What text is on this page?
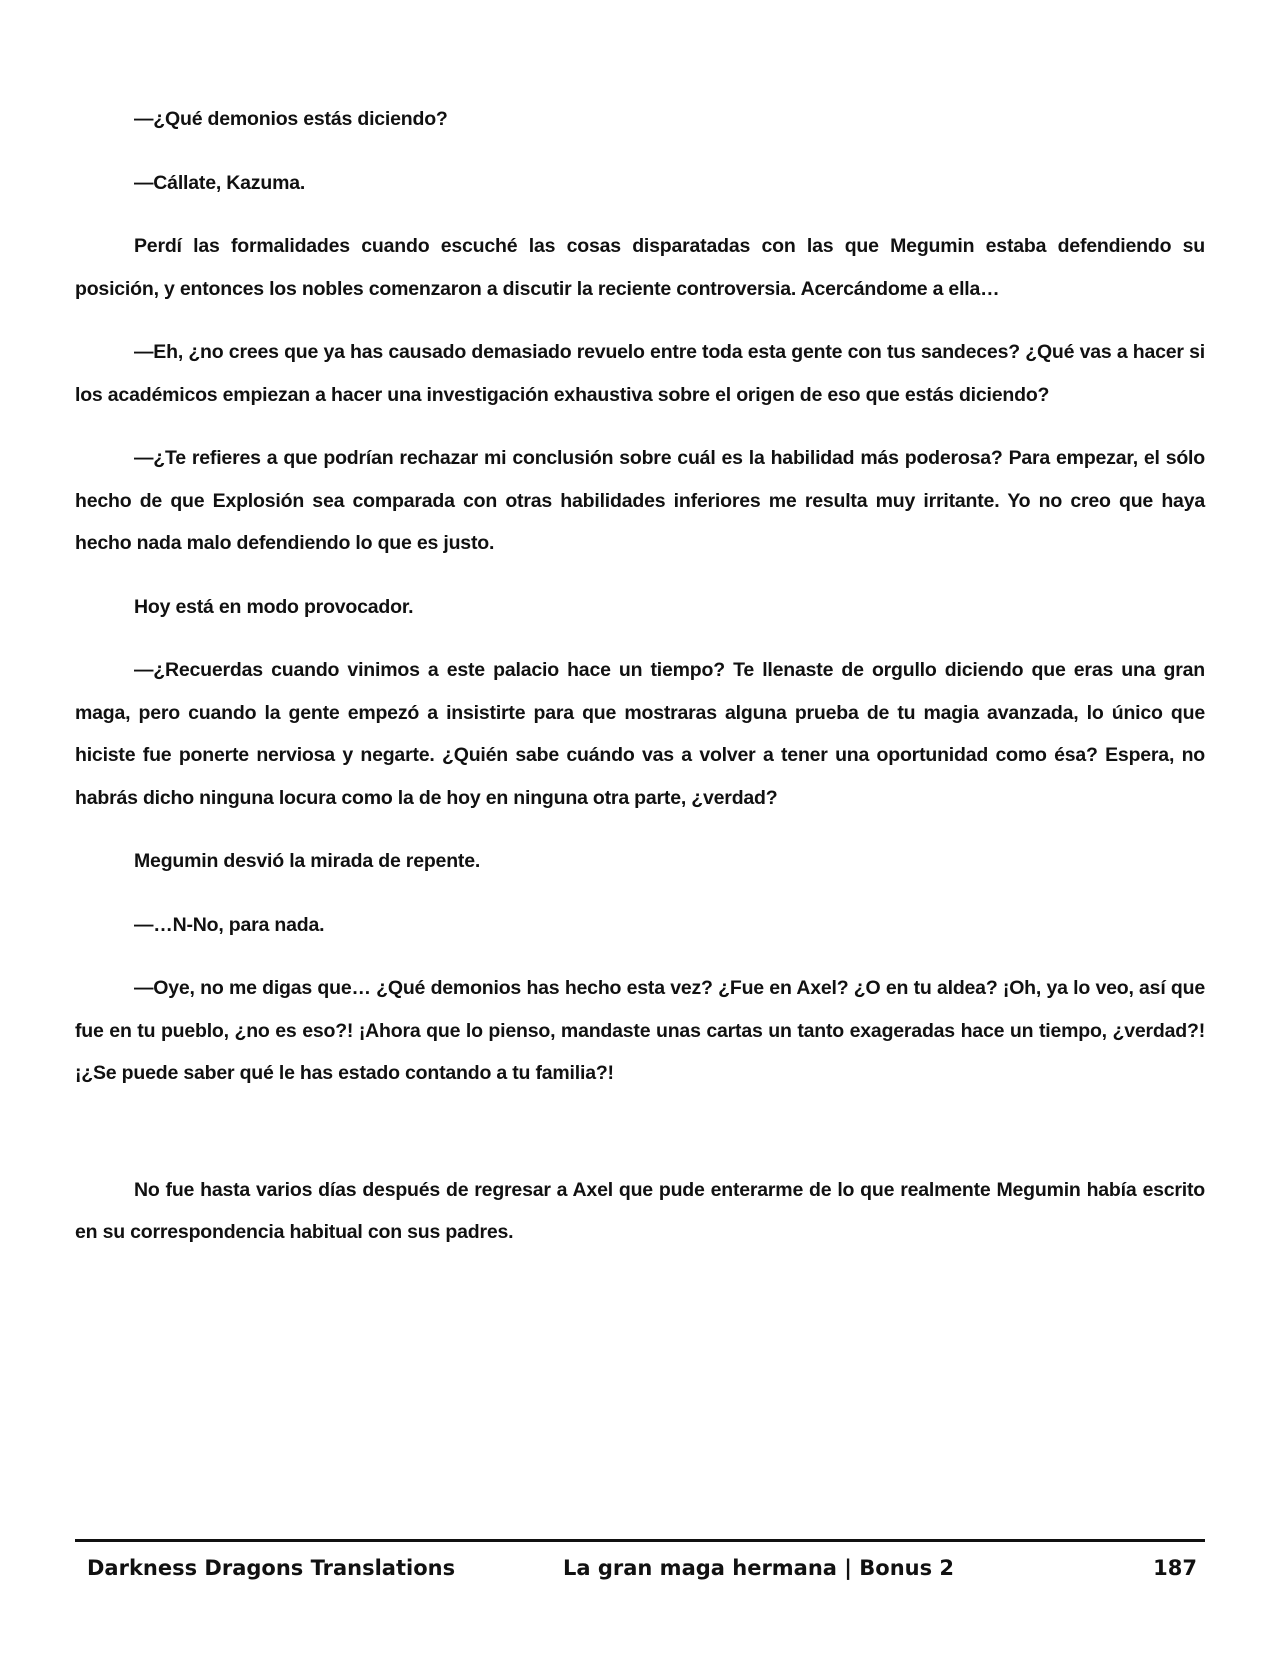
—¿Qué demonios estás diciendo?

—Cállate, Kazuma.

Perdí las formalidades cuando escuché las cosas disparatadas con las que Megumin estaba defendiendo su posición, y entonces los nobles comenzaron a discutir la reciente controversia. Acercándome a ella…

—Eh, ¿no crees que ya has causado demasiado revuelo entre toda esta gente con tus sandeces? ¿Qué vas a hacer si los académicos empiezan a hacer una investigación exhaustiva sobre el origen de eso que estás diciendo?

—¿Te refieres a que podrían rechazar mi conclusión sobre cuál es la habilidad más poderosa? Para empezar, el sólo hecho de que Explosión sea comparada con otras habilidades inferiores me resulta muy irritante. Yo no creo que haya hecho nada malo defendiendo lo que es justo.

Hoy está en modo provocador.

—¿Recuerdas cuando vinimos a este palacio hace un tiempo? Te llenaste de orgullo diciendo que eras una gran maga, pero cuando la gente empezó a insistirte para que mostraras alguna prueba de tu magia avanzada, lo único que hiciste fue ponerte nerviosa y negarte. ¿Quién sabe cuándo vas a volver a tener una oportunidad como ésa? Espera, no habrás dicho ninguna locura como la de hoy en ninguna otra parte, ¿verdad?

Megumin desvió la mirada de repente.

—…N-No, para nada.

—Oye, no me digas que… ¿Qué demonios has hecho esta vez? ¿Fue en Axel? ¿O en tu aldea? ¡Oh, ya lo veo, así que fue en tu pueblo, ¿no es eso?! ¡Ahora que lo pienso, mandaste unas cartas un tanto exageradas hace un tiempo, ¿verdad?! ¡¿Se puede saber qué le has estado contando a tu familia?!

No fue hasta varios días después de regresar a Axel que pude enterarme de lo que realmente Megumin había escrito en su correspondencia habitual con sus padres.

Darkness Dragons Translations	La gran maga hermana | Bonus 2	187
